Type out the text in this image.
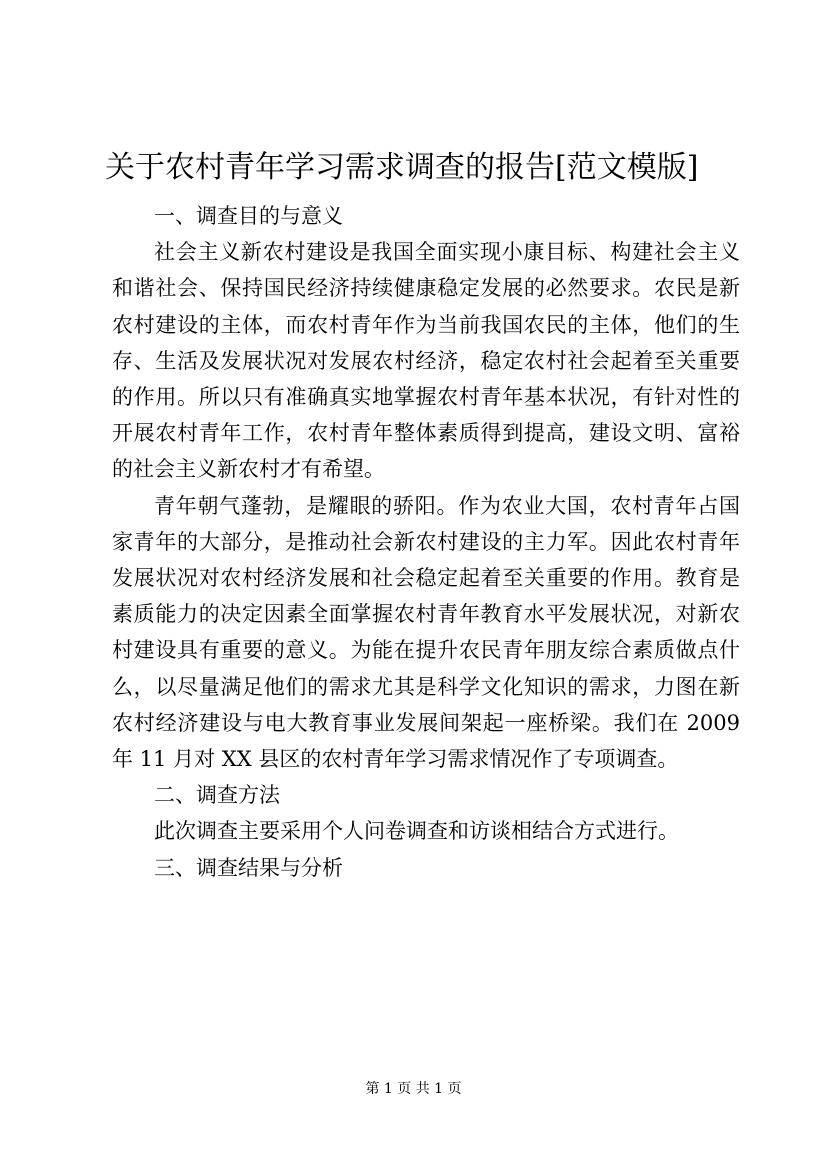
关于农村青年学习需求调查的报告[范文模版]

一、调查目的与意义

社会主义新农村建设是我国全面实现小康目标、构建社会主义和谐社会、保持国民经济持续健康稳定发展的必然要求。农民是新农村建设的主体，而农村青年作为当前我国农民的主体，他们的生存、生活及发展状况对发展农村经济，稳定农村社会起着至关重要的作用。所以只有准确真实地掌握农村青年基本状况，有针对性的开展农村青年工作，农村青年整体素质得到提高，建设文明、富裕的社会主义新农村才有希望。

青年朝气蓬勃，是耀眼的骄阳。作为农业大国，农村青年占国家青年的大部分，是推动社会新农村建设的主力军。因此农村青年发展状况对农村经济发展和社会稳定起着至关重要的作用。教育是素质能力的决定因素全面掌握农村青年教育水平发展状况，对新农村建设具有重要的意义。为能在提升农民青年朋友综合素质做点什么，以尽量满足他们的需求尤其是科学文化知识的需求，力图在新农村经济建设与电大教育事业发展间架起一座桥梁。我们在 2009 年 11 月对 XX 县区的农村青年学习需求情况作了专项调查。

二、调查方法

此次调查主要采用个人问卷调查和访谈相结合方式进行。

三、调查结果与分析

第 1 页 共 1 页
